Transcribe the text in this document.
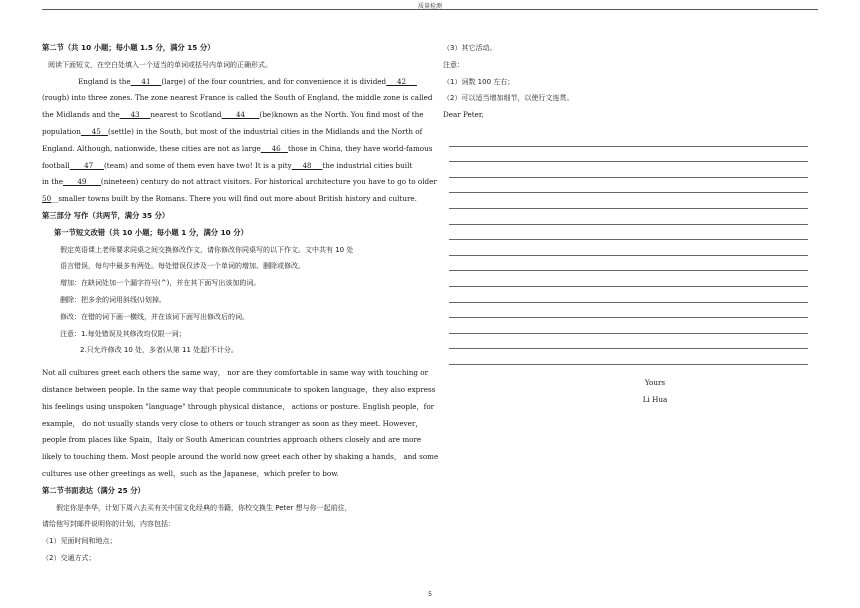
质量检测
第二节（共 10 小题；每小题 1.5 分，满分 15 分）
阅读下面短文，在空白处填入一个适当的单词或括号内单词的正确形式。
England is the___41___(large) of the four countries, and for convenience it is divided___42___
(rough) into three zones. The zone nearest France is called the South of England, the middle zone is called
the Midlands and the___43___nearest to Scotland____44____(be)known as the North. You find most of the
population___45__(settle) in the South, but most of the industrial cities in the Midlands and the North of
England. Although, nationwide, these cities are not as large___46__those in China, they have world-famous
football____47___(team) and some of them even have two! It is a pity___48___the industrial cities built
in the____49____(nineteen) century do not attract visitors. For historical architecture you have to go to older
50__smaller towns built by the Romans. There you will find out more about British history and culture.
第三部分 写作（共两节，满分 35 分）
第一节短文改错（共 10 小题；每小题 1 分，满分 10 分）
假定英语课上老师要求同桌之间交换修改作文，请你修改你同桌写的以下作文。文中共有 10 处
语言错误，每句中最多有两处。每处错误仅涉及一个单词的增加、删除或修改。
增加：在缺词处加一个漏字符号(^)，并在其下面写出该加的词。
删除：把多余的词用斜线(\)划掉。
修改：在错的词下画一横线，并在该词下面写出修改后的词。
注意：1.每处错误及其修改均仅限一词；
2.只允许修改 10 处，多者(从第 11 处起)不计分。
Not all cultures greet each others the same way， nor are they comfortable in same way with touching or
distance between people. In the same way that people communicate to spoken language，they also express
his feelings using unspoken "language" through physical distance， actions or posture. English people，for
example， do not usually stands very close to others or touch stranger as soon as they meet. However，
people from places like Spain，Italy or South American countries approach others closely and are more
likely to touching them. Most people around the world now greet each other by shaking a hands， and some
cultures use other greetings as well，such as the Japanese，which prefer to bow.
第二节书面表达（满分 25 分）
假定你是李华，计划下周六去买有关中国文化经典的书籍，你校交换生 Peter 想与你一起前往，
请给他写封邮件说明你的计划，内容包括：
（1）见面时间和地点；
（2）交通方式；
（3）其它活动。
注意：
（1）词数 100 左右；
（2）可以适当增加细节，以使行文连贯。
Dear Peter,
Yours
Li Hua
5
